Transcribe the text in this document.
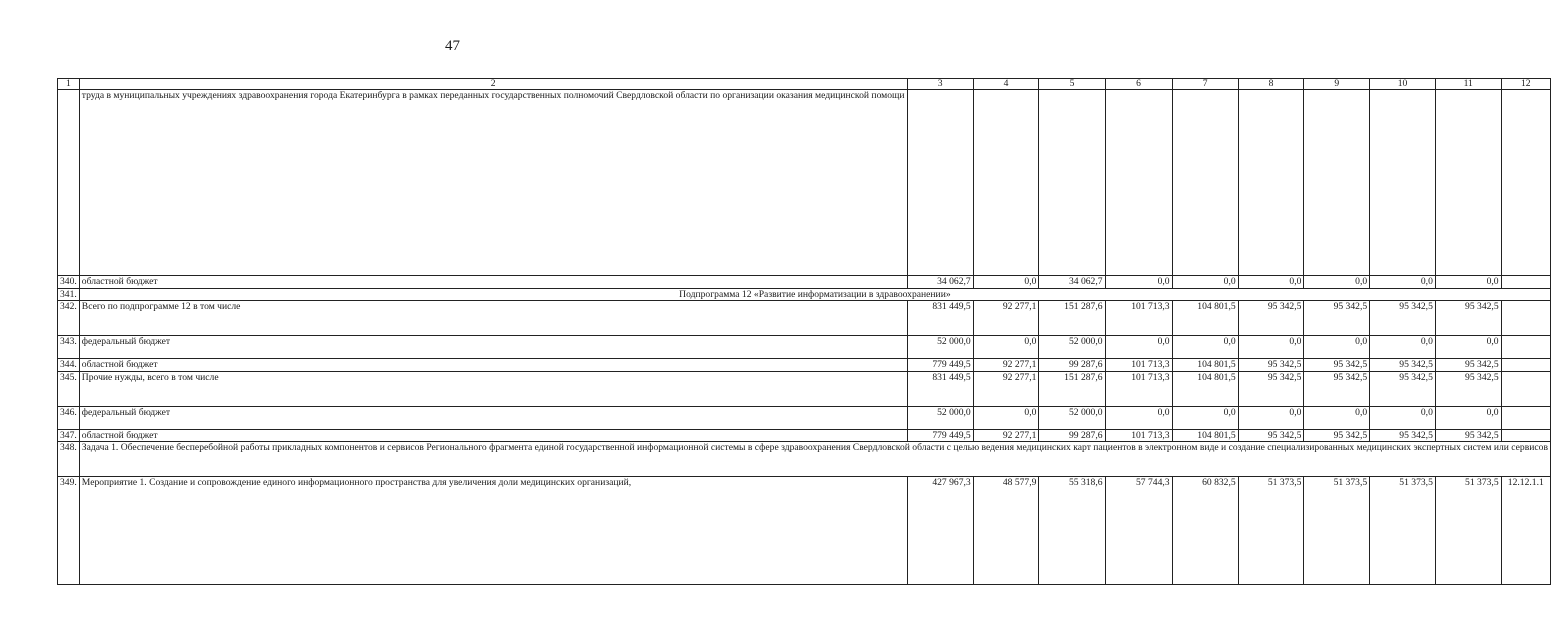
47
1	2	3	4	5	6	7	8	9	10	11	12
	труда в муниципальных учреждениях здравоохранения города Екатеринбурга в рамках переданных государственных полномочий Свердловской области по организации оказания медицинской помощи										
340.	областной бюджет	34 062,7	0,0	34 062,7	0,0	0,0	0,0	0,0	0,0	0,0	
341.	Подпрограмма 12 «Развитие информатизации в здравоохранении»										
342.	Всего по подпрограмме 12 в том числе	831 449,5	92 277,1	151 287,6	101 713,3	104 801,5	95 342,5	95 342,5	95 342,5	95 342,5	
343.	федеральный бюджет	52 000,0	0,0	52 000,0	0,0	0,0	0,0	0,0	0,0	0,0	
344.	областной бюджет	779 449,5	92 277,1	99 287,6	101 713,3	104 801,5	95 342,5	95 342,5	95 342,5	95 342,5	
345.	Прочие нужды, всего в том числе	831 449,5	92 277,1	151 287,6	101 713,3	104 801,5	95 342,5	95 342,5	95 342,5	95 342,5	
346.	федеральный бюджет	52 000,0	0,0	52 000,0	0,0	0,0	0,0	0,0	0,0	0,0	
347.	областной бюджет	779 449,5	92 277,1	99 287,6	101 713,3	104 801,5	95 342,5	95 342,5	95 342,5	95 342,5	
348.	Задача 1. Обеспечение бесперебойной работы прикладных компонентов и сервисов Регионального фрагмента единой государственной информационной системы в сфере здравоохранения Свердловской области с целью ведения медицинских карт пациентов в электронном виде и создание специализированных медицинских экспертных систем или сервисов										
349.	Мероприятие 1. Создание и сопровождение единого информационного пространства для увеличения доли медицинских организаций,	427 967,3	48 577,9	55 318,6	57 744,3	60 832,5	51 373,5	51 373,5	51 373,5	51 373,5	12.12.1.1
